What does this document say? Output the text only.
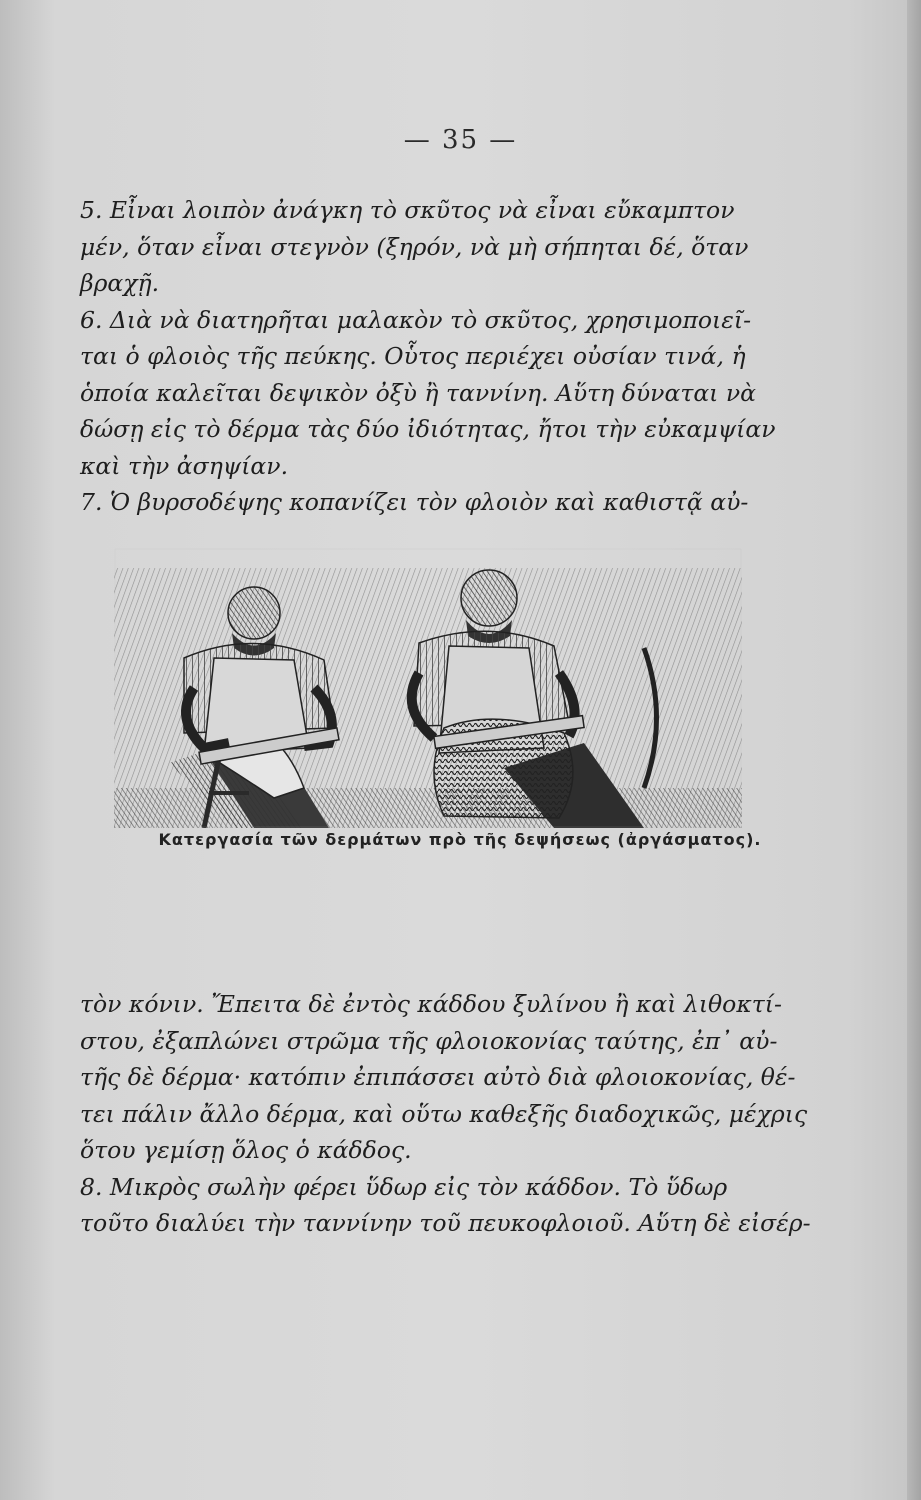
— 35 —
5. Εἶναι λοιπὸν ἀνάγκη τὸ σκῦτος νὰ εἶναι εὔκαμπτον
μέν, ὅταν εἶναι στεγνὸν (ξηρόν, νὰ μὴ σήπηται δέ, ὅταν
βραχῇ.
6. Διὰ νὰ διατηρῆται μαλακὸν τὸ σκῦτος, χρησιμοποιεῖ-
ται ὁ φλοιὸς τῆς πεύκης. Οὗτος περιέχει οὐσίαν τινά, ἡ
ὁποία καλεῖται δεψικὸν ὀξὺ ἢ ταννίνη. Αὕτη δύναται νὰ
δώσῃ εἰς τὸ δέρμα τὰς δύο ἰδιότητας, ἤτοι τὴν εὐκαμψίαν
καὶ τὴν ἀσηψίαν.
7. Ὁ βυρσοδέψης κοπανίζει τὸν φλοιὸν καὶ καθιστᾷ αὐ-
Κατεργασία τῶν δερμάτων πρὸ τῆς δεψήσεως (ἀργάσματος).
τὸν κόνιν. Ἔπειτα δὲ ἐντὸς κάδδου ξυλίνου ἢ καὶ λιθοκτί-
στου, ἐξαπλώνει στρῶμα τῆς φλοιοκονίας ταύτης, ἐπ᾽ αὐ-
τῆς δὲ δέρμα· κατόπιν ἐπιπάσσει αὐτὸ διὰ φλοιοκονίας, θέ-
τει πάλιν ἄλλο δέρμα, καὶ οὕτω καθεξῆς διαδοχικῶς, μέχρις
ὅτου γεμίσῃ ὅλος ὁ κάδδος.
8. Μικρὸς σωλὴν φέρει ὕδωρ εἰς τὸν κάδδον. Τὸ ὕδωρ
τοῦτο διαλύει τὴν ταννίνην τοῦ πευκοφλοιοῦ. Αὕτη δὲ εἰσέρ-
